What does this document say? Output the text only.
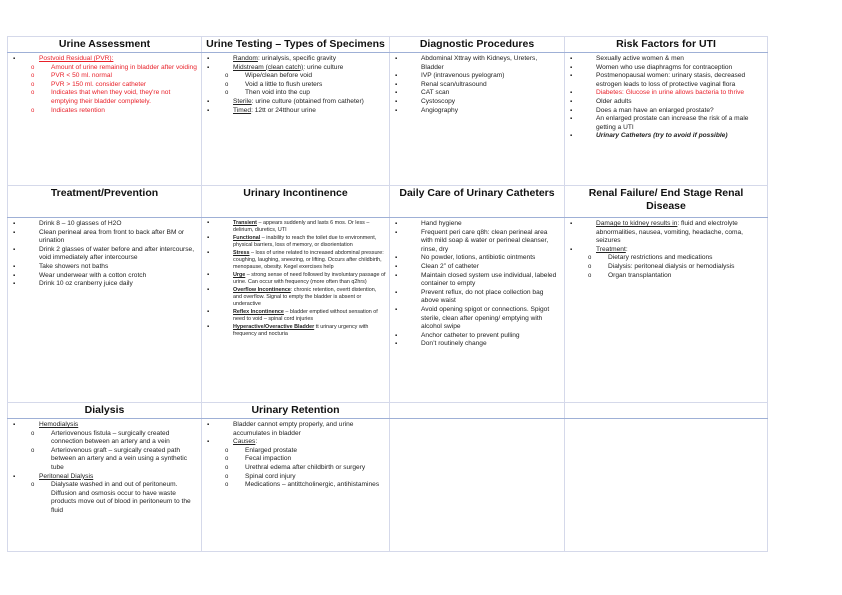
Urine Assessment	Urine Testing – Types of Specimens	Diagnostic Procedures	Risk Factors for UTI

▪ Postvoid Residual (PVR):
o Amount of urine remaining in bladder after voiding
o PVR < 50 ml. normal
o PVR > 150 ml. consider catheter
o Indicates that when they void, they're not emptying their bladder completely.
o Indicates retention

▪ Random: urinalysis, specific gravity
▪ Midstream (clean catch): urine culture
o Wipe/clean before void
o Void a little to flush ureters
o Then void into the cup
▪ Sterile: urine culture (obtained from catheter)
▪ Timed: 12tt or 24tthour urine

▪ Abdominal Xttray with Kidneys, Ureters, Bladder
▪ IVP (intravenous pyelogram)
▪ Renal scan/ultrasound
▪ CAT scan
▪ Cystoscopy
▪ Angiography

▪ Sexually active women & men
▪ Women who use diaphragms for contraception
▪ Postmenopausal women: urinary stasis, decreased estrogen leads to loss of protective vaginal flora
▪ Diabetes: Glucose in urine allows bacteria to thrive
▪ Older adults
▪ Does a man have an enlarged prostate?
▪ An enlarged prostate can increase the risk of a male getting a UTI
▪ Urinary Catheters (try to avoid if possible)

Treatment/Prevention	Urinary Incontinence	Daily Care of Urinary Catheters	Renal Failure/ End Stage Renal Disease

▪ Drink 8 – 10 glasses of H2O
▪ Clean perineal area from front to back after BM or urination
▪ Drink 2 glasses of water before and after intercourse, void immediately after intercourse
▪ Take showers not baths
▪ Wear underwear with a cotton crotch
▪ Drink 10 oz cranberry juice daily

▪ Transient – appears suddenly and lasts 6 mos. Or less – delirium, diuretics, UTI
▪ Functional – inability to reach the toilet due to environment, physical barriers, loss of memory, or disorientation
▪ Stress – loss of urine related to increased abdominal pressure: coughing, laughing, sneezing, or lifting. Occurs after childbirth, menopause, obesity. Kegel exercises help
▪ Urge – strong sense of need followed by involuntary passage of urine. Can occur with frequency (more often than q2hrs)
▪ Overflow Incontinence: chronic retention, overtt distention, and overflow. Signal to empty the bladder is absent or underactive
▪ Reflex Incontinence – bladder emptied without sensation of need to void – spinal cord injuries
▪ Hyperactive/Overactive Bladder tt urinary urgency with frequency and nocturia

▪ Hand hygiene
▪ Frequent peri care q8h: clean perineal area with mild soap & water or perineal cleanser, rinse, dry
▪ No powder, lotions, antibiotic ointments
▪ Clean 2” of catheter
▪ Maintain closed system use individual, labeled container to empty
▪ Prevent reflux, do not place collection bag above waist
▪ Avoid opening spigot or connections. Spigot sterile, clean after opening/ emptying with alcohol swipe
▪ Anchor catheter to prevent pulling
▪ Don’t routinely change

▪ Damage to kidney results in: fluid and electrolyte abnormalities, nausea, vomiting, headache, coma, seizures
▪ Treatment:
o Dietary restrictions and medications
o Dialysis: peritoneal dialysis or hemodialysis
o Organ transplantation

Dialysis	Urinary Retention		

▪ Hemodialysis
o Arteriovenous fistula – surgically created connection between an artery and a vein
o Arteriovenous graft – surgically created path between an artery and a vein using a synthetic tube
▪ Peritoneal Dialysis
o Dialysate washed in and out of peritoneum. Diffusion and osmosis occur to have waste products move out of blood in peritoneum to the fluid

▪ Bladder cannot empty properly, and urine accumulates in bladder
▪ Causes:
o Enlarged prostate
o Fecal impaction
o Urethral edema after childbirth or surgery
o Spinal cord injury
o Medications – antittcholinergic, antihistamines
